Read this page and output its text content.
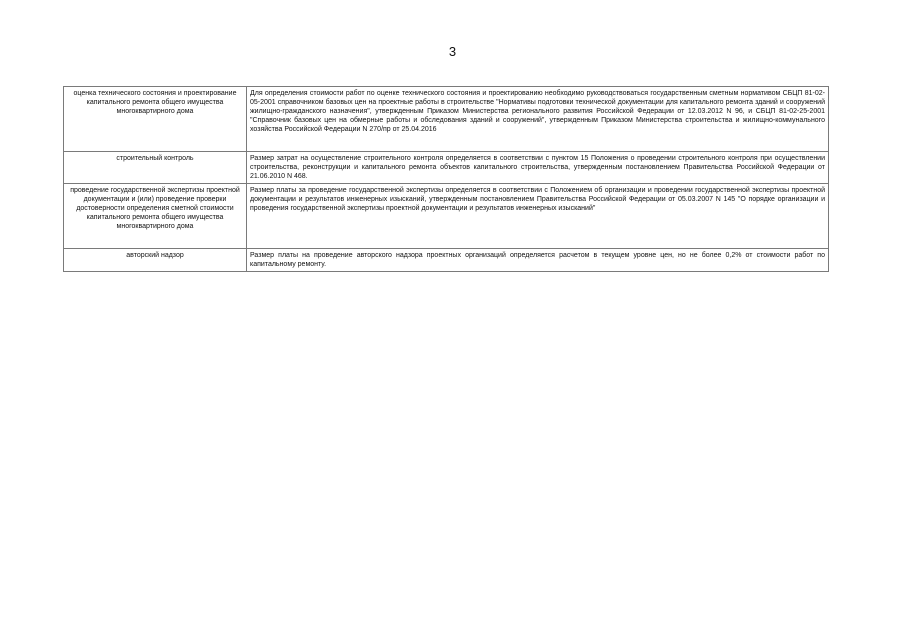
3
оценка технического состояния и проектирование капитального ремонта общего имущества многоквартирного дома	Для определения стоимости работ по оценке технического состояния и проектированию необходимо руководствоваться государственным сметным нормативом СБЦП 81-02-05-2001 справочником базовых цен на проектные работы в строительстве "Нормативы подготовки технической документации для капитального ремонта зданий и сооружений жилищно-гражданского назначения", утвержденным Приказом Министерства регионального развития Российской Федерации от 12.03.2012 N 96, и СБЦП 81-02-25-2001 "Справочник базовых цен на обмерные работы и обследования зданий и сооружений", утвержденным Приказом Министерства строительства и жилищно-коммунального хозяйства Российской Федерации N 270/пр от 25.04.2016
строительный контроль	Размер затрат на осуществление строительного контроля определяется в соответствии с пунктом 15 Положения о проведении строительного контроля при осуществлении строительства, реконструкции и капитального ремонта объектов капитального строительства, утвержденным постановлением Правительства Российской Федерации от 21.06.2010 N 468.
проведение государственной экспертизы проектной документации и (или) проведение проверки достоверности определения сметной стоимости капитального ремонта общего имущества многоквартирного дома	Размер платы за проведение государственной экспертизы определяется в соответствии с Положением об организации и проведении государственной экспертизы проектной документации и результатов инженерных изысканий, утвержденным постановлением Правительства Российской Федерации от 05.03.2007 N 145 "О порядке организации и проведения государственной экспертизы проектной документации и результатов инженерных изысканий"
авторский надзор	Размер платы на проведение авторского надзора проектных организаций определяется расчетом в текущем уровне цен, но не более 0,2% от стоимости работ по капитальному ремонту.
